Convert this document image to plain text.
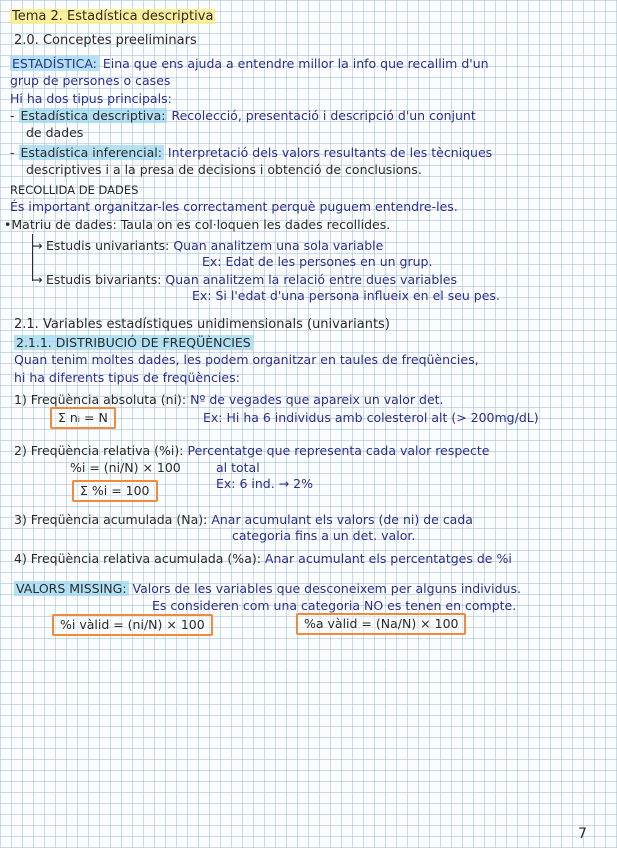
Tema 2. Estadística descriptiva
2.0. Conceptes preeliminars
ESTADÍSTICA: Eina que ens ajuda a entendre millor la info que recallim d'un
grup de persones o cases
Hi ha dos tipus principals:
- Estadística descriptiva: Recolecció, presentació i descripció d'un conjunt
de dades
- Estadística inferencial: Interpretació dels valors resultants de les tècniques
descriptives i a la presa de decisions i obtenció de conclusions.
RECOLLIDA DE DADES
És important organitzar-les correctament perquè puguem entendre-les.
•Matriu de dades: Taula on es col·loquen les dades recollides.
→ Estudis univariants: Quan analitzem una sola variable
Ex: Edat de les persones en un grup.
→ Estudis bivariants: Quan analitzem la relació entre dues variables
Ex: Si l'edat d'una persona influeix en el seu pes.
2.1. Variables estadístiques unidimensionals (univariants)
2.1.1. DISTRIBUCIÓ DE FREQÜÈNCIES
Quan tenim moltes dades, les podem organitzar en taules de freqüències,
hi ha diferents tipus de freqüències:
1) Freqüència absoluta (ni): Nº de vegades que apareix un valor det.
Σ nᵢ = N	Ex: Hi ha 6 individus amb colesterol alt (> 200mg/dL)
2) Freqüència relativa (%i): Percentatge que representa cada valor respecte
%i = (ni/N) × 100	al total
Ex: 6 ind. → 2%
Σ %i = 100
3) Freqüència acumulada (Na): Anar acumulant els valors (de ni) de cada
categoria fins a un det. valor.
4) Freqüència relativa acumulada (%a): Anar acumulant els percentatges de %i
VALORS MISSING: Valors de les variables que desconeixem per alguns individus.
Es consideren com una categoria NO es tenen en compte.
%i vàlid = (ni/N) × 100	%a vàlid = (Na/N) × 100
7
